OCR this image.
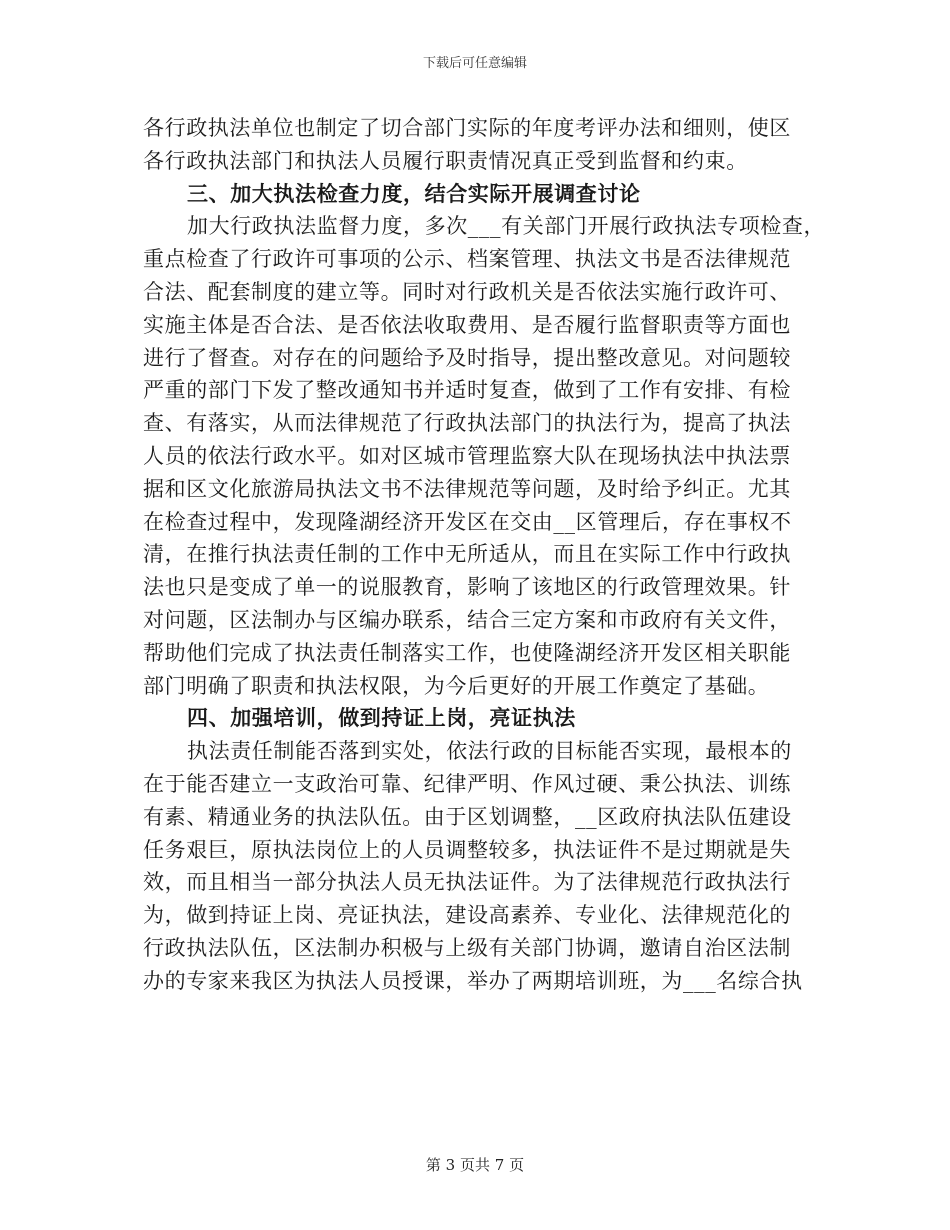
下载后可任意编辑
各行政执法单位也制定了切合部门实际的年度考评办法和细则，使区
各行政执法部门和执法人员履行职责情况真正受到监督和约束。
三、加大执法检查力度，结合实际开展调查讨论
加大行政执法监督力度，多次___有关部门开展行政执法专项检查，
重点检查了行政许可事项的公示、档案管理、执法文书是否法律规范
合法、配套制度的建立等。同时对行政机关是否依法实施行政许可、
实施主体是否合法、是否依法收取费用、是否履行监督职责等方面也
进行了督查。对存在的问题给予及时指导，提出整改意见。对问题较
严重的部门下发了整改通知书并适时复查，做到了工作有安排、有检
查、有落实，从而法律规范了行政执法部门的执法行为，提高了执法
人员的依法行政水平。如对区城市管理监察大队在现场执法中执法票
据和区文化旅游局执法文书不法律规范等问题，及时给予纠正。尤其
在检查过程中，发现隆湖经济开发区在交由__区管理后，存在事权不
清，在推行执法责任制的工作中无所适从，而且在实际工作中行政执
法也只是变成了单一的说服教育，影响了该地区的行政管理效果。针
对问题，区法制办与区编办联系，结合三定方案和市政府有关文件，
帮助他们完成了执法责任制落实工作，也使隆湖经济开发区相关职能
部门明确了职责和执法权限，为今后更好的开展工作奠定了基础。
四、加强培训，做到持证上岗，亮证执法
执法责任制能否落到实处，依法行政的目标能否实现，最根本的
在于能否建立一支政治可靠、纪律严明、作风过硬、秉公执法、训练
有素、精通业务的执法队伍。由于区划调整，__区政府执法队伍建设
任务艰巨，原执法岗位上的人员调整较多，执法证件不是过期就是失
效，而且相当一部分执法人员无执法证件。为了法律规范行政执法行
为，做到持证上岗、亮证执法，建设高素养、专业化、法律规范化的
行政执法队伍，区法制办积极与上级有关部门协调，邀请自治区法制
办的专家来我区为执法人员授课，举办了两期培训班，为___名综合执
第 3 页共 7 页
